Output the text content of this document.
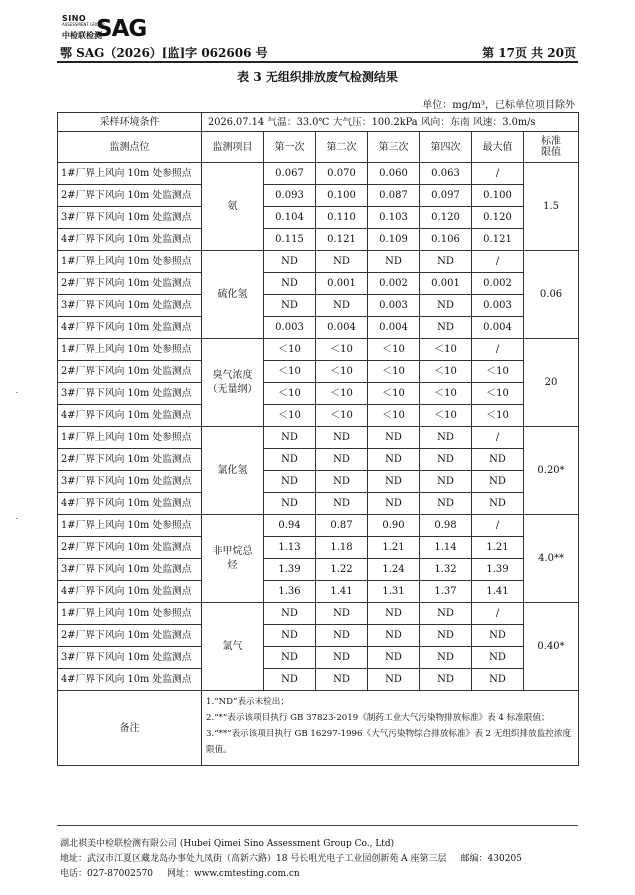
SINO
ASSESSMENT GROUP
中检联检测
SAG
鄂 SAG（2026）[监]字 062606 号	第 17页 共 20页
表 3 无组织排放废气检测结果
单位：mg/m³，已标单位项目除外
采样环境条件	2026.07.14 气温：33.0℃ 大气压：100.2kPa 风向：东南 风速：3.0m/s						
监测点位	监测项目	第一次	第二次	第三次	第四次	最大值	标准
限值
1#厂界上风向 10m 处参照点	氨	0.067	0.070	0.060	0.063	/	1.5
2#厂界下风向 10m 处监测点		0.093	0.100	0.087	0.097	0.100	
3#厂界下风向 10m 处监测点		0.104	0.110	0.103	0.120	0.120	
4#厂界下风向 10m 处监测点		0.115	0.121	0.109	0.106	0.121	
1#厂界上风向 10m 处参照点	硫化氢	ND	ND	ND	ND	/	0.06
2#厂界下风向 10m 处监测点		ND	0.001	0.002	0.001	0.002	
3#厂界下风向 10m 处监测点		ND	ND	0.003	ND	0.003	
4#厂界下风向 10m 处监测点		0.003	0.004	0.004	ND	0.004	
1#厂界上风向 10m 处参照点	臭气浓度
（无量纲）	＜10	＜10	＜10	＜10	/	20
2#厂界下风向 10m 处监测点		＜10	＜10	＜10	＜10	＜10	
3#厂界下风向 10m 处监测点		＜10	＜10	＜10	＜10	＜10	
4#厂界下风向 10m 处监测点		＜10	＜10	＜10	＜10	＜10	
1#厂界上风向 10m 处参照点	氯化氢	ND	ND	ND	ND	/	0.20*
2#厂界下风向 10m 处监测点		ND	ND	ND	ND	ND	
3#厂界下风向 10m 处监测点		ND	ND	ND	ND	ND	
4#厂界下风向 10m 处监测点		ND	ND	ND	ND	ND	
1#厂界上风向 10m 处参照点	非甲烷总
烃	0.94	0.87	0.90	0.98	/	4.0**
2#厂界下风向 10m 处监测点		1.13	1.18	1.21	1.14	1.21	
3#厂界下风向 10m 处监测点		1.39	1.22	1.24	1.32	1.39	
4#厂界下风向 10m 处监测点		1.36	1.41	1.31	1.37	1.41	
1#厂界上风向 10m 处参照点	氯气	ND	ND	ND	ND	/	0.40*
2#厂界下风向 10m 处监测点		ND	ND	ND	ND	ND	
3#厂界下风向 10m 处监测点		ND	ND	ND	ND	ND	
4#厂界下风向 10m 处监测点		ND	ND	ND	ND	ND	
备注	1.“ND”表示未检出；
2.“*”表示该项目执行 GB 37823-2019《制药工业大气污染物排放标准》表 4 标准限值；
3.“**”表示该项目执行 GB 16297-1996《大气污染物综合排放标准》表 2 无组织排放监控浓度限值。						
湖北祺美中检联检测有限公司 (Hubei Qimei Sino Assessment Group Co., Ltd)
地址：武汉市江夏区藏龙岛办事处九凤街（高新六路）18 号长咀光电子工业园创新苑 A 座第三层 邮编：430205
电话：027-87002570 网址：www.cmtesting.com.cn
